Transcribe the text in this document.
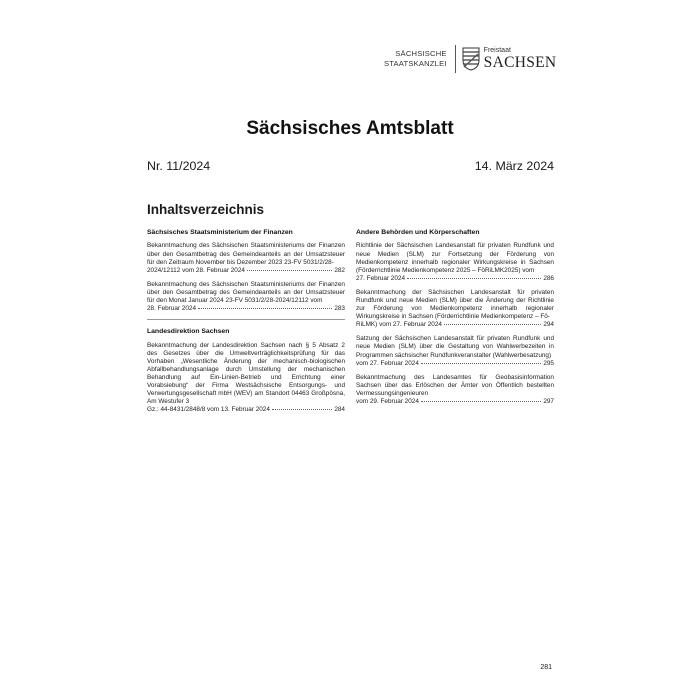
SÄCHSISCHE
STAATSKANZLEI
Freistaat
SACHSEN
Sächsisches Amtsblatt
Nr. 11/2024	14. März 2024
Inhaltsverzeichnis
Sächsisches Staatsministerium der Finanzen
Bekanntmachung des Sächsischen Staatsministeriums der Finanzen über den Gesamtbetrag des Gemeindeanteils an der Umsatzsteuer für den Zeitraum November bis Dezember 2023 23-FV 5031/2/28-
2024/12112 vom 28. Februar 2024	282
Bekanntmachung des Sächsischen Staatsministeriums der Finanzen über den Gesamtbetrag des Gemeindeanteils an der Umsatzsteuer für den Monat Januar 2024 23-FV 5031/2/28-2024/12112 vom
28. Februar 2024	283
Landesdirektion Sachsen
Bekanntmachung der Landesdirektion Sachsen nach § 5 Absatz 2 des Gesetzes über die Umweltverträglichkeitsprüfung für das Vorhaben „Wesentliche Änderung der mechanisch-biologischen Abfallbehandlungsanlage durch Umstellung der mechanischen Behandlung auf Ein-Linien-Betrieb und Errichtung einer Vorabsiebung“ der Firma Westsächsische Entsorgungs- und Verwertungsgesellschaft mbH (WEV) am Standort 04463 Großpösna, Am Westufer 3
Gz.: 44-8431/2848/8 vom 13. Februar 2024	284
Andere Behörden und Körperschaften
Richtlinie der Sächsischen Landesanstalt für privaten Rundfunk und neue Medien (SLM) zur Fortsetzung der Förderung von Medienkompetenz innerhalb regionaler Wirkungskreise in Sachsen (Förderrichtlinie Medienkompetenz 2025 – FöRiLMK2025) vom
27. Februar 2024	286
Bekanntmachung der Sächsischen Landesanstalt für privaten Rundfunk und neue Medien (SLM) über die Änderung der Richtlinie zur Förderung von Medienkompetenz innerhalb regionaler Wirkungskreise in Sachsen (Förderrichtlinie Medienkompetenz – Fö-
RiLMK) vom 27. Februar 2024	294
Satzung der Sächsischen Landesanstalt für privaten Rundfunk und neue Medien (SLM) über die Gestaltung von Wahlwerbezeiten in Programmen sächsischer Rundfunkveranstalter (Wahlwerbesatzung)
vom 27. Februar 2024	295
Bekanntmachung des Landesamtes für Geobasisinformation Sachsen über das Erlöschen der Ämter von Öffentlich bestellten Vermessungsingenieuren
vom 29. Februar 2024	297
281
